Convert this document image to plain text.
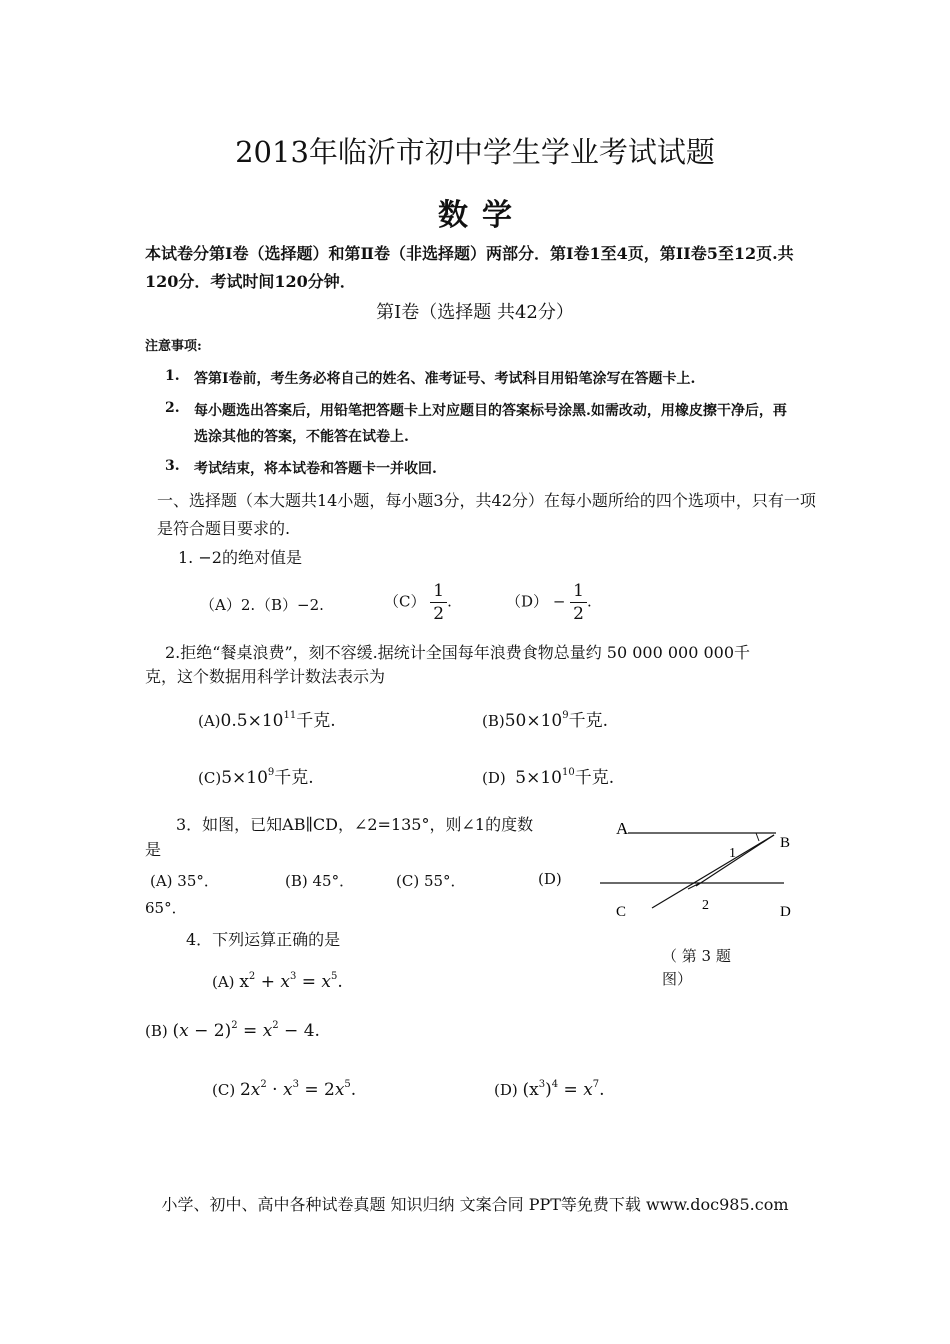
2013年临沂市初中学生学业考试试题
数学
本试卷分第Ⅰ卷（选择题）和第Ⅱ卷（非选择题）两部分．第Ⅰ卷1至4页，第II卷5至12页.共120分．考试时间120分钟．
第Ⅰ卷（选择题 共42分）
注意事项:
1. 答第Ⅰ卷前，考生务必将自己的姓名、准考证号、考试科目用铅笔涂写在答题卡上.
2. 每小题选出答案后，用铅笔把答题卡上对应题目的答案标号涂黑.如需改动，用橡皮擦干净后，再
选涂其他的答案，不能答在试卷上.
3. 考试结束，将本试卷和答题卡一并收回.
一、选择题（本大题共14小题，每小题3分，共42分）在每小题所给的四个选项中，只有一项是符合题目要求的.
1. −2的绝对值是
（A）2. （B）−2.	$(C) \frac{1}{2}$ .	$(D) - \frac{1}{2}$ .
2.拒绝“餐桌浪费”，刻不容缓.据统计全国每年浪费食物总量约 50 000 000 000千
克，这个数据用科学计数法表示为
$(A)0.5\times 10^{11}$千克.	$(B)50\times 10^9$千克.
$(C)5\times 10^9$千克.	(D) $5\times 10^{10}$千克.
3．如图，已知AB∥CD，∠2=135°，则∠1的度数
是
(A) 35°．	(B) 45°．	(C) 55°．	(D)
65°．
A
B
C	D
1
2
（ 第 3 题
图）
4．下列运算正确的是
(A) $x^2 + x^3 = x^5$.
(B) $(x - 2)^2 = x^2 - 4$.
(C) $2x^2 \cdot x^3 = 2x^5$.	(D) $(x^3)^4 = x^7$.
小学、初中、高中各种试卷真题 知识归纳 文案合同 PPT等免费下载 www.doc985.com
